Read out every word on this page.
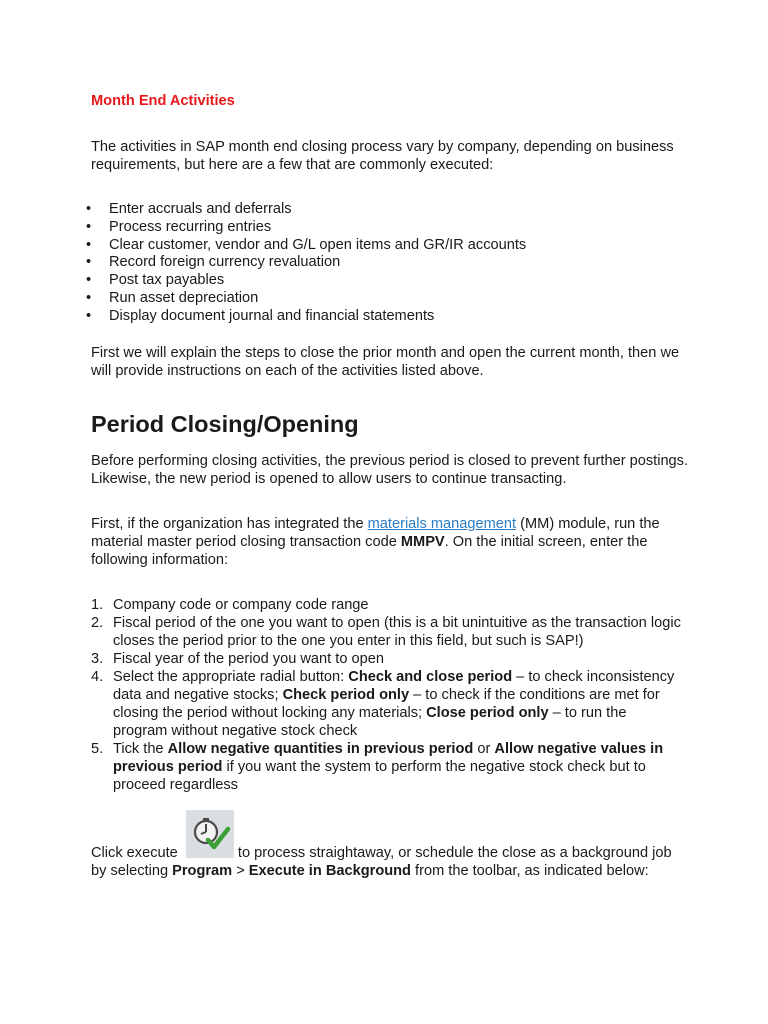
Month End Activities

The activities in SAP month end closing process vary by company, depending on business requirements, but here are a few that are commonly executed:

• Enter accruals and deferrals
• Process recurring entries
• Clear customer, vendor and G/L open items and GR/IR accounts
• Record foreign currency revaluation
• Post tax payables
• Run asset depreciation
• Display document journal and financial statements

First we will explain the steps to close the prior month and open the current month, then we will provide instructions on each of the activities listed above.

Period Closing/Opening

Before performing closing activities, the previous period is closed to prevent further postings. Likewise, the new period is opened to allow users to continue transacting.

First, if the organization has integrated the materials management (MM) module, run the material master period closing transaction code MMPV. On the initial screen, enter the following information:

1. Company code or company code range
2. Fiscal period of the one you want to open (this is a bit unintuitive as the transaction logic closes the period prior to the one you enter in this field, but such is SAP!)
3. Fiscal year of the period you want to open
4. Select the appropriate radial button: Check and close period – to check inconsistency data and negative stocks; Check period only – to check if the conditions are met for closing the period without locking any materials; Close period only – to run the program without negative stock check
5. Tick the Allow negative quantities in previous period or Allow negative values in previous period if you want the system to perform the negative stock check but to proceed regardless

Click execute	to process straightaway, or schedule the close as a background job by selecting Program > Execute in Background from the toolbar, as indicated below:
